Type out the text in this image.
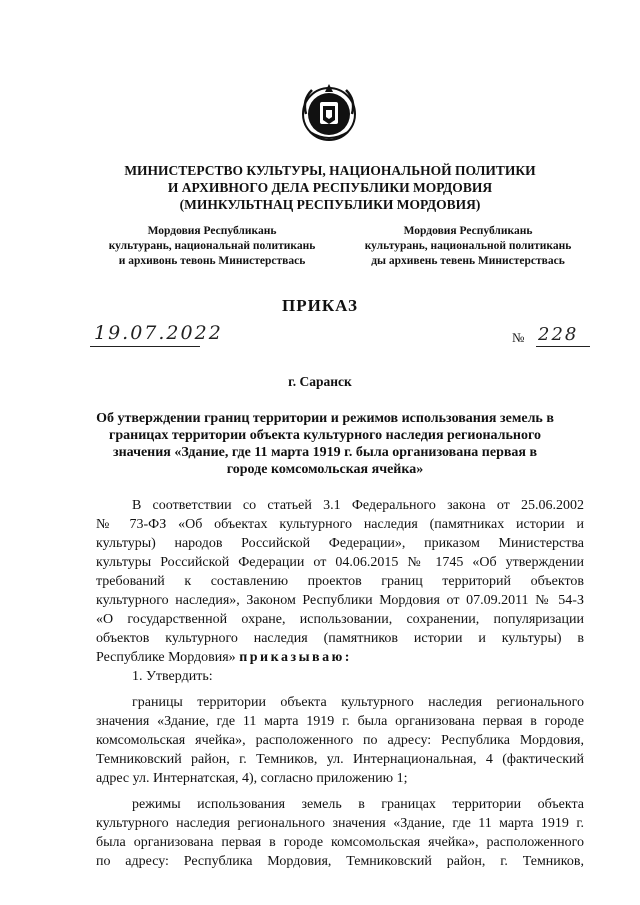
МИНИСТЕРСТВО КУЛЬТУРЫ, НАЦИОНАЛЬНОЙ ПОЛИТИКИ
И АРХИВНОГО ДЕЛА РЕСПУБЛИКИ МОРДОВИЯ
(МИНКУЛЬТНАЦ РЕСПУБЛИКИ МОРДОВИЯ)
Мордовия Республикань
культурань, национальнай политикань
и архивонь тевонь Министерствась
Мордовия Республикань
культурань, национальной политикань
ды архивень тевень Министерствась
ПРИКАЗ
19.07.2022	№ 228
г. Саранск
Об утверждении границ территории и режимов использования земель в
границах территории объекта культурного наследия регионального
значения «Здание, где 11 марта 1919 г. была организована первая в
городе комсомольская ячейка»
В соответствии со статьей 3.1 Федерального закона от 25.06.2002
№ 73-ФЗ «Об объектах культурного наследия (памятниках истории и
культуры) народов Российской Федерации», приказом Министерства
культуры Российской Федерации от 04.06.2015 № 1745 «Об утверждении
требований к составлению проектов границ территорий объектов
культурного наследия», Законом Республики Мордовия от 07.09.2011 № 54-З
«О государственной охране, использовании, сохранении, популяризации
объектов культурного наследия (памятников истории и культуры) в
Республике Мордовия» приказываю:
1. Утвердить:
границы территории объекта культурного наследия регионального
значения «Здание, где 11 марта 1919 г. была организована первая в городе
комсомольская ячейка», расположенного по адресу: Республика Мордовия,
Темниковский район, г. Темников, ул. Интернациональная, 4 (фактический
адрес ул. Интернатская, 4), согласно приложению 1;
режимы использования земель в границах территории объекта
культурного наследия регионального значения «Здание, где 11 марта 1919 г.
была организована первая в городе комсомольская ячейка», расположенного
по адресу: Республика Мордовия, Темниковский район, г. Темников,
